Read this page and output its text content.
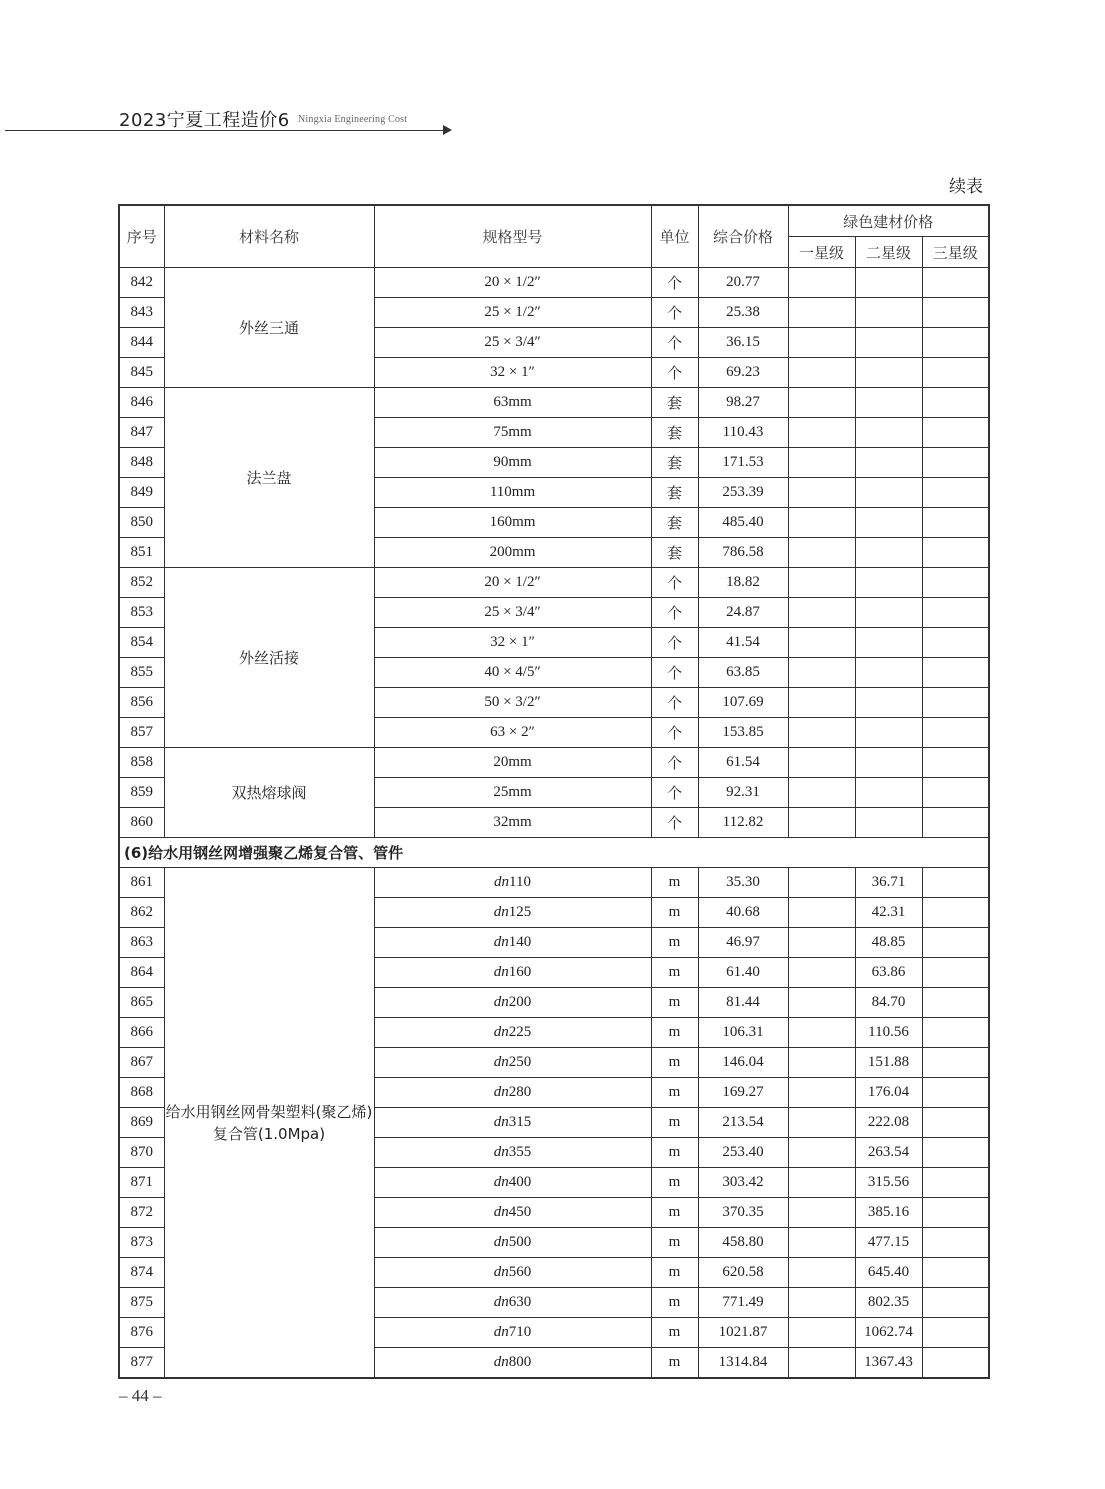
2023宁夏工程造价6 Ningxia Engineering Cost
续表
序号	材料名称	规格型号	单位	综合价格	绿色建材价格		
					一星级	二星级	三星级
842	外丝三通	20 × 1/2″	个	20.77			
843		25 × 1/2″	个	25.38			
844		25 × 3/4″	个	36.15			
845		32 × 1″	个	69.23			
846	法兰盘	63mm	套	98.27			
847		75mm	套	110.43			
848		90mm	套	171.53			
849		110mm	套	253.39			
850		160mm	套	485.40			
851		200mm	套	786.58			
852	外丝活接	20 × 1/2″	个	18.82			
853		25 × 3/4″	个	24.87			
854		32 × 1″	个	41.54			
855		40 × 4/5″	个	63.85			
856		50 × 3/2″	个	107.69			
857		63 × 2″	个	153.85			
858	双热熔球阀	20mm	个	61.54			
859		25mm	个	92.31			
860		32mm	个	112.82			
(6)给水用钢丝网增强聚乙烯复合管、管件							
861	给水用钢丝网骨架塑料(聚乙烯)复合管(1.0Mpa)	dn110	m	35.30		36.71	
862		dn125	m	40.68		42.31	
863		dn140	m	46.97		48.85	
864		dn160	m	61.40		63.86	
865		dn200	m	81.44		84.70	
866		dn225	m	106.31		110.56	
867		dn250	m	146.04		151.88	
868		dn280	m	169.27		176.04	
869		dn315	m	213.54		222.08	
870		dn355	m	253.40		263.54	
871		dn400	m	303.42		315.56	
872		dn450	m	370.35		385.16	
873		dn500	m	458.80		477.15	
874		dn560	m	620.58		645.40	
875		dn630	m	771.49		802.35	
876		dn710	m	1021.87		1062.74	
877		dn800	m	1314.84		1367.43	
– 44 –
